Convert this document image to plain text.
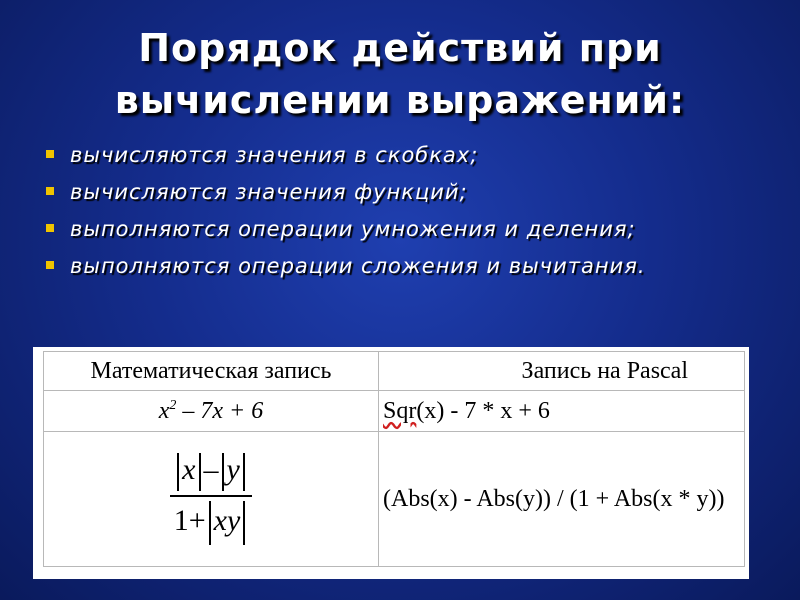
Порядок действий при
вычислении выражений:
вычисляются значения в скобках;
вычисляются значения функций;
выполняются операции умножения и деления;
выполняются операции сложения и вычитания.
Математическая запись	Запись на Pascal
$x^2 - 7x + 6$	Sqr(x) - 7 * x + 6

$\frac{x - y}{1+ xy}$	(Abs(x) - Abs(y)) / (1 + Abs(x * y))
